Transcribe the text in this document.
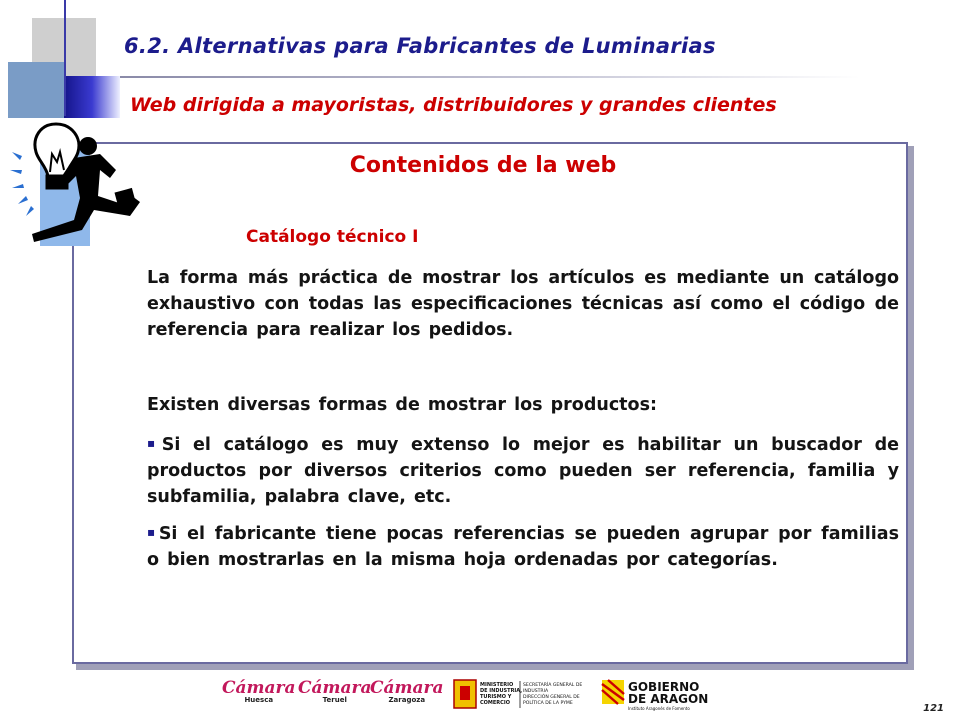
6.2. Alternativas para Fabricantes de Luminarias
Web dirigida a mayoristas, distribuidores y grandes clientes
Contenidos de la web
Catálogo técnico I
La forma más práctica de mostrar los artículos es mediante un catálogo exhaustivo con todas las especificaciones técnicas así como el código de referencia para realizar los pedidos.
Existen diversas formas de mostrar los productos:
▪ Si el catálogo es muy extenso lo mejor es habilitar un buscador de productos por diversos criterios como pueden ser referencia, familia y subfamilia, palabra clave, etc.
▪ Si el fabricante tiene pocas referencias se pueden agrupar por familias o bien mostrarlas en la misma hoja ordenadas por categorías.
Cámara
Huesca
Cámara
Teruel
Cámara
Zaragoza
MINISTERIO
DE INDUSTRIA,
TURISMO Y
COMERCIO
SECRETARÍA GENERAL DE
INDUSTRIA
DIRECCIÓN GENERAL DE
POLÍTICA DE LA PYME
GOBIERNO
DE ARAGON
Instituto Aragonés de Fomento	121
